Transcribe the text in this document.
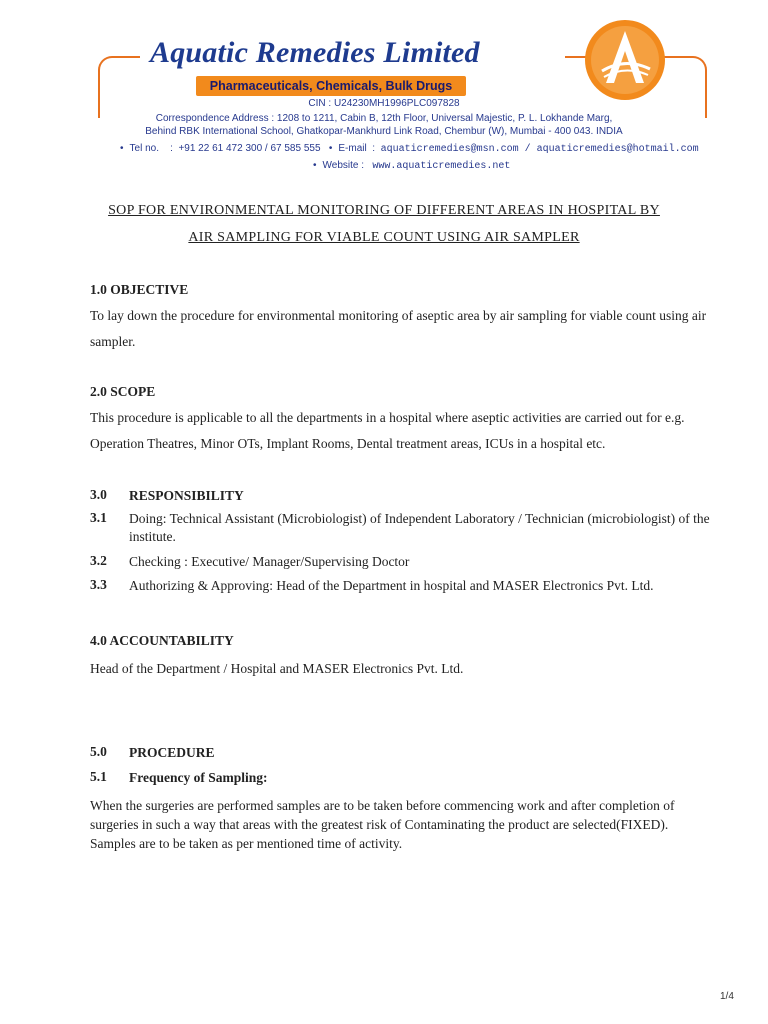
Aquatic Remedies Limited
Pharmaceuticals, Chemicals, Bulk Drugs
CIN : U24230MH1996PLC097828
Correspondence Address : 1208 to 1211, Cabin B, 12th Floor, Universal Majestic, P. L. Lokhande Marg,
Behind RBK International School, Ghatkopar-Mankhurd Link Road, Chembur (W), Mumbai - 400 043. INDIA
• Tel no.    :  +91 22 61 472 300 / 67 585 555 • E-mail  :  aquaticremedies@msn.com / aquaticremedies@hotmail.com
• Website : www.aquaticremedies.net
SOP FOR ENVIRONMENTAL MONITORING OF DIFFERENT AREAS IN HOSPITAL BY
AIR SAMPLING FOR VIABLE COUNT USING AIR SAMPLER
1.0 OBJECTIVE
To lay down the procedure for environmental monitoring of aseptic area by air sampling for viable count using air sampler.
2.0 SCOPE
This procedure is applicable to all the departments in a hospital where aseptic activities are carried out for e.g. Operation Theatres, Minor OTs, Implant Rooms, Dental treatment areas, ICUs in a hospital etc.
3.0 RESPONSIBILITY
3.1 Doing: Technical Assistant (Microbiologist) of Independent Laboratory / Technician (microbiologist) of the institute.
3.2 Checking : Executive/ Manager/Supervising Doctor
3.3 Authorizing & Approving: Head of the Department in hospital and MASER Electronics Pvt. Ltd.
4.0 ACCOUNTABILITY
Head of the Department / Hospital and MASER Electronics Pvt. Ltd.
5.0 PROCEDURE
5.1 Frequency of Sampling:
When the surgeries are performed samples are to be taken before commencing work and after completion of surgeries in such a way that areas with the greatest risk of Contaminating the product are selected(FIXED). Samples are to be taken as per mentioned time of activity.
1/4
